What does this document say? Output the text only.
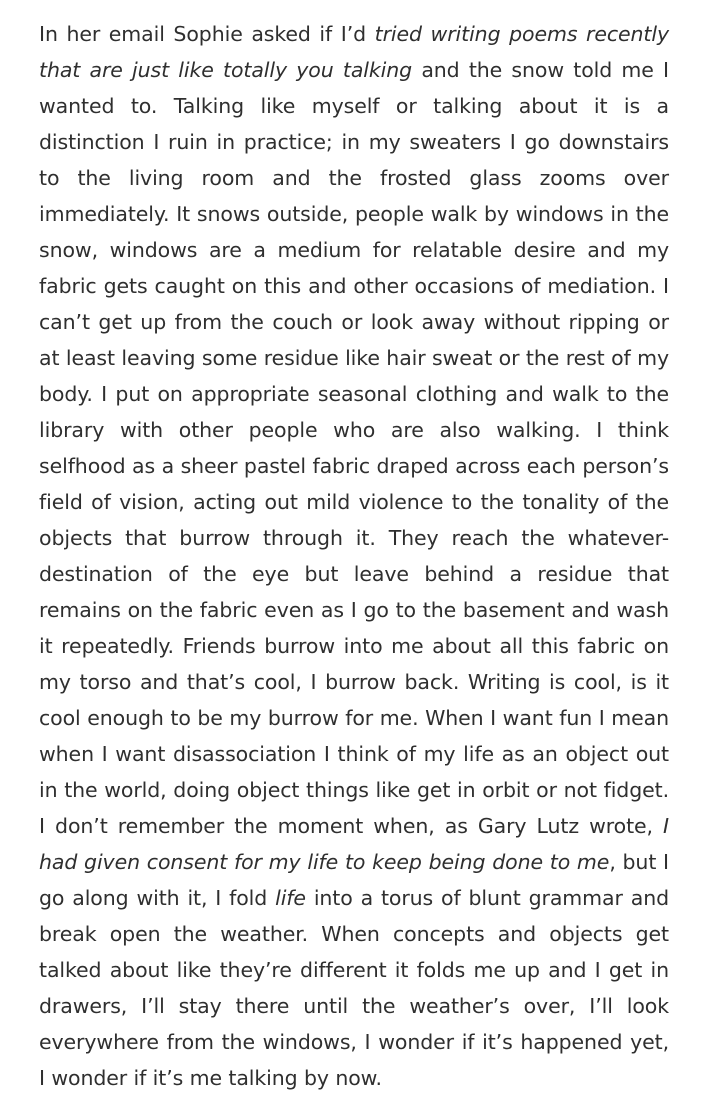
In her email Sophie asked if I’d tried writing poems recently that are just like totally you talking and the snow told me I wanted to. Talking like myself or talking about it is a distinction I ruin in practice; in my sweaters I go downstairs to the living room and the frosted glass zooms over immediately. It snows outside, people walk by windows in the snow, windows are a medium for relatable desire and my fabric gets caught on this and other occasions of mediation. I can’t get up from the couch or look away without ripping or at least leaving some residue like hair sweat or the rest of my body. I put on appropriate seasonal clothing and walk to the library with other people who are also walking. I think selfhood as a sheer pastel fabric draped across each person’s field of vision, acting out mild violence to the tonality of the objects that burrow through it. They reach the whatever-destination of the eye but leave behind a residue that remains on the fabric even as I go to the basement and wash it repeatedly. Friends burrow into me about all this fabric on my torso and that’s cool, I burrow back. Writing is cool, is it cool enough to be my burrow for me. When I want fun I mean when I want disassociation I think of my life as an object out in the world, doing object things like get in orbit or not fidget. I don’t remember the moment when, as Gary Lutz wrote, I had given consent for my life to keep being done to me, but I go along with it, I fold life into a torus of blunt grammar and break open the weather. When concepts and objects get talked about like they’re different it folds me up and I get in drawers, I’ll stay there until the weather’s over, I’ll look everywhere from the windows, I wonder if it’s happened yet, I wonder if it’s me talking by now.
